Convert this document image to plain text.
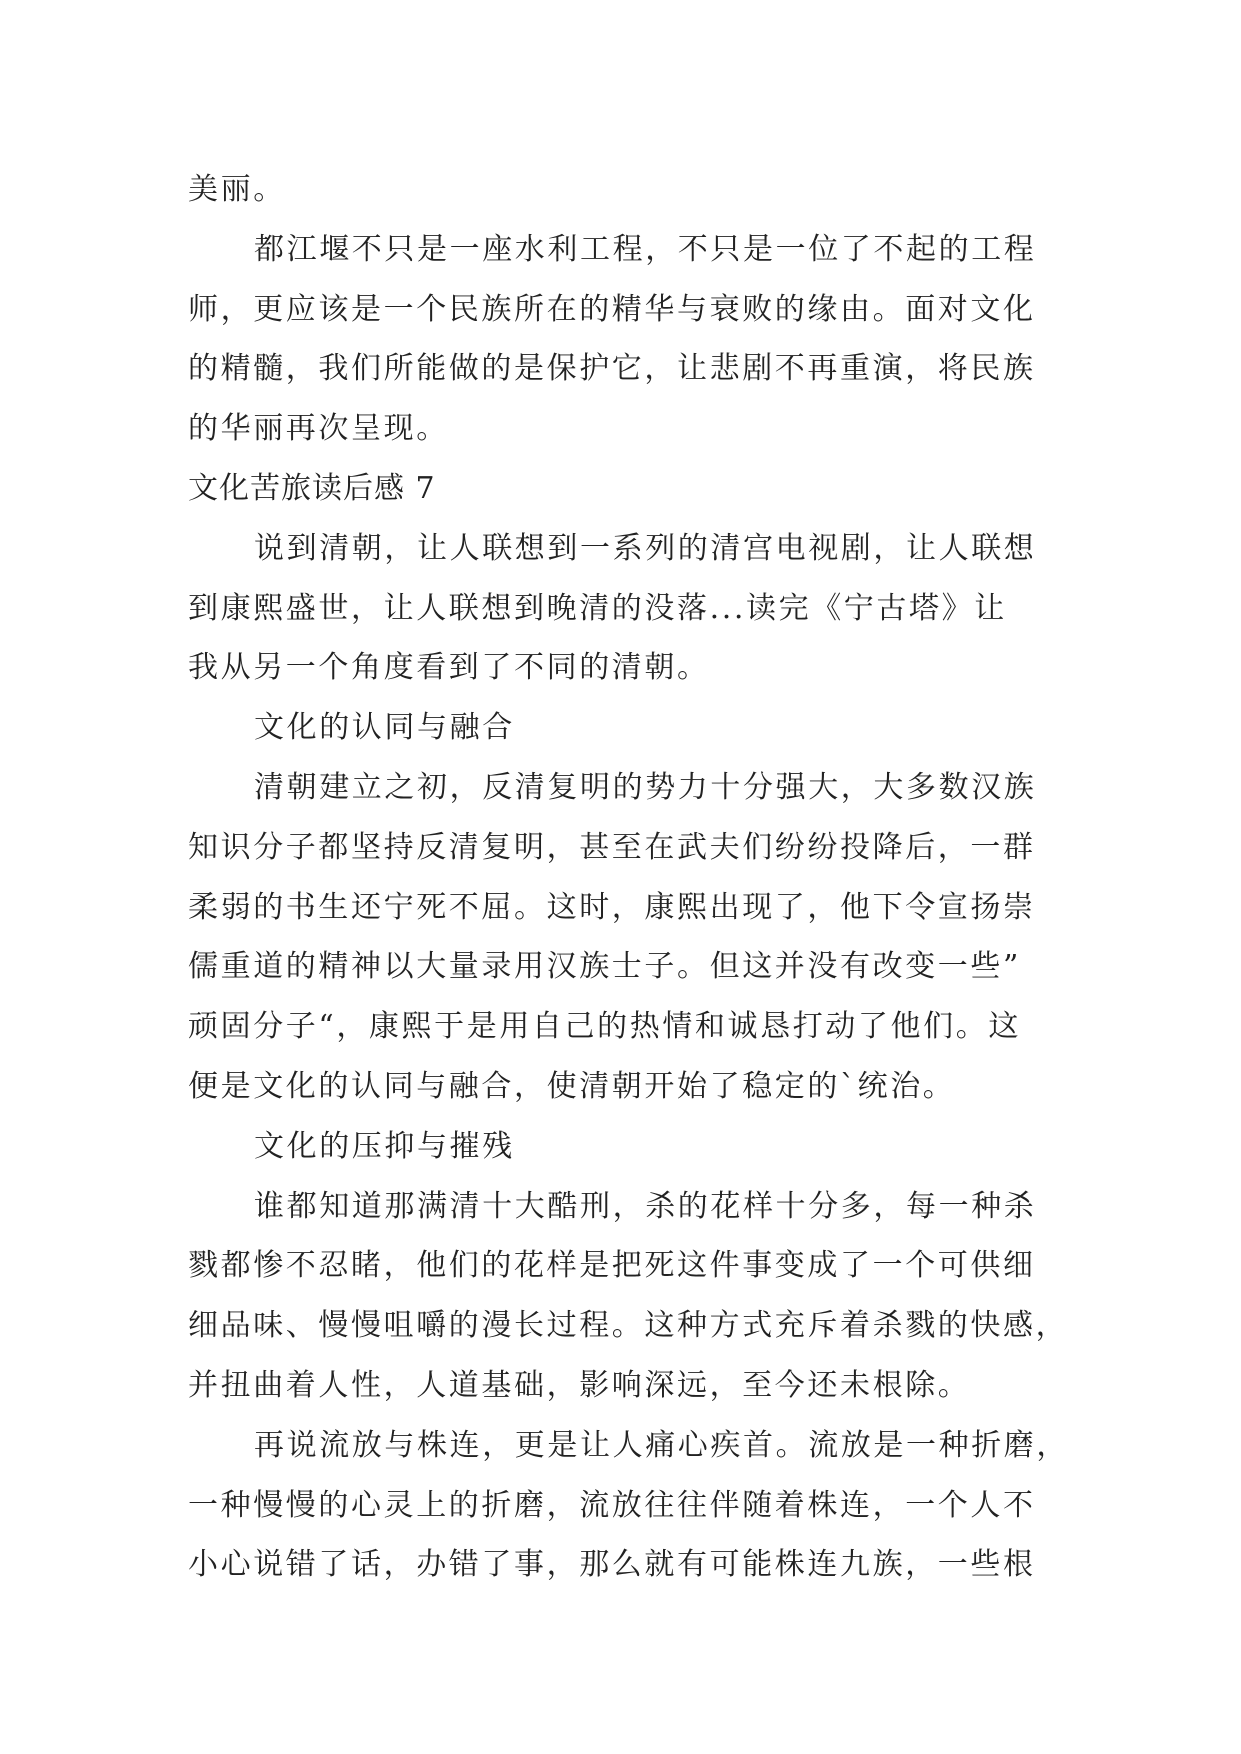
美丽。
都江堰不只是一座水利工程，不只是一位了不起的工程
师，更应该是一个民族所在的精华与衰败的缘由。面对文化
的精髓，我们所能做的是保护它，让悲剧不再重演，将民族
的华丽再次呈现。
文化苦旅读后感 7
说到清朝，让人联想到一系列的清宫电视剧，让人联想
到康熙盛世，让人联想到晚清的没落...读完《宁古塔》让
我从另一个角度看到了不同的清朝。
文化的认同与融合
清朝建立之初，反清复明的势力十分强大，大多数汉族
知识分子都坚持反清复明，甚至在武夫们纷纷投降后，一群
柔弱的书生还宁死不屈。这时，康熙出现了，他下令宣扬崇
儒重道的精神以大量录用汉族士子。但这并没有改变一些”
顽固分子“，康熙于是用自己的热情和诚恳打动了他们。这
便是文化的认同与融合，使清朝开始了稳定的`统治。
文化的压抑与摧残
谁都知道那满清十大酷刑，杀的花样十分多，每一种杀
戮都惨不忍睹，他们的花样是把死这件事变成了一个可供细
细品味、慢慢咀嚼的漫长过程。这种方式充斥着杀戮的快感，
并扭曲着人性，人道基础，影响深远，至今还未根除。
再说流放与株连，更是让人痛心疾首。流放是一种折磨，
一种慢慢的心灵上的折磨，流放往往伴随着株连，一个人不
小心说错了话，办错了事，那么就有可能株连九族，一些根
